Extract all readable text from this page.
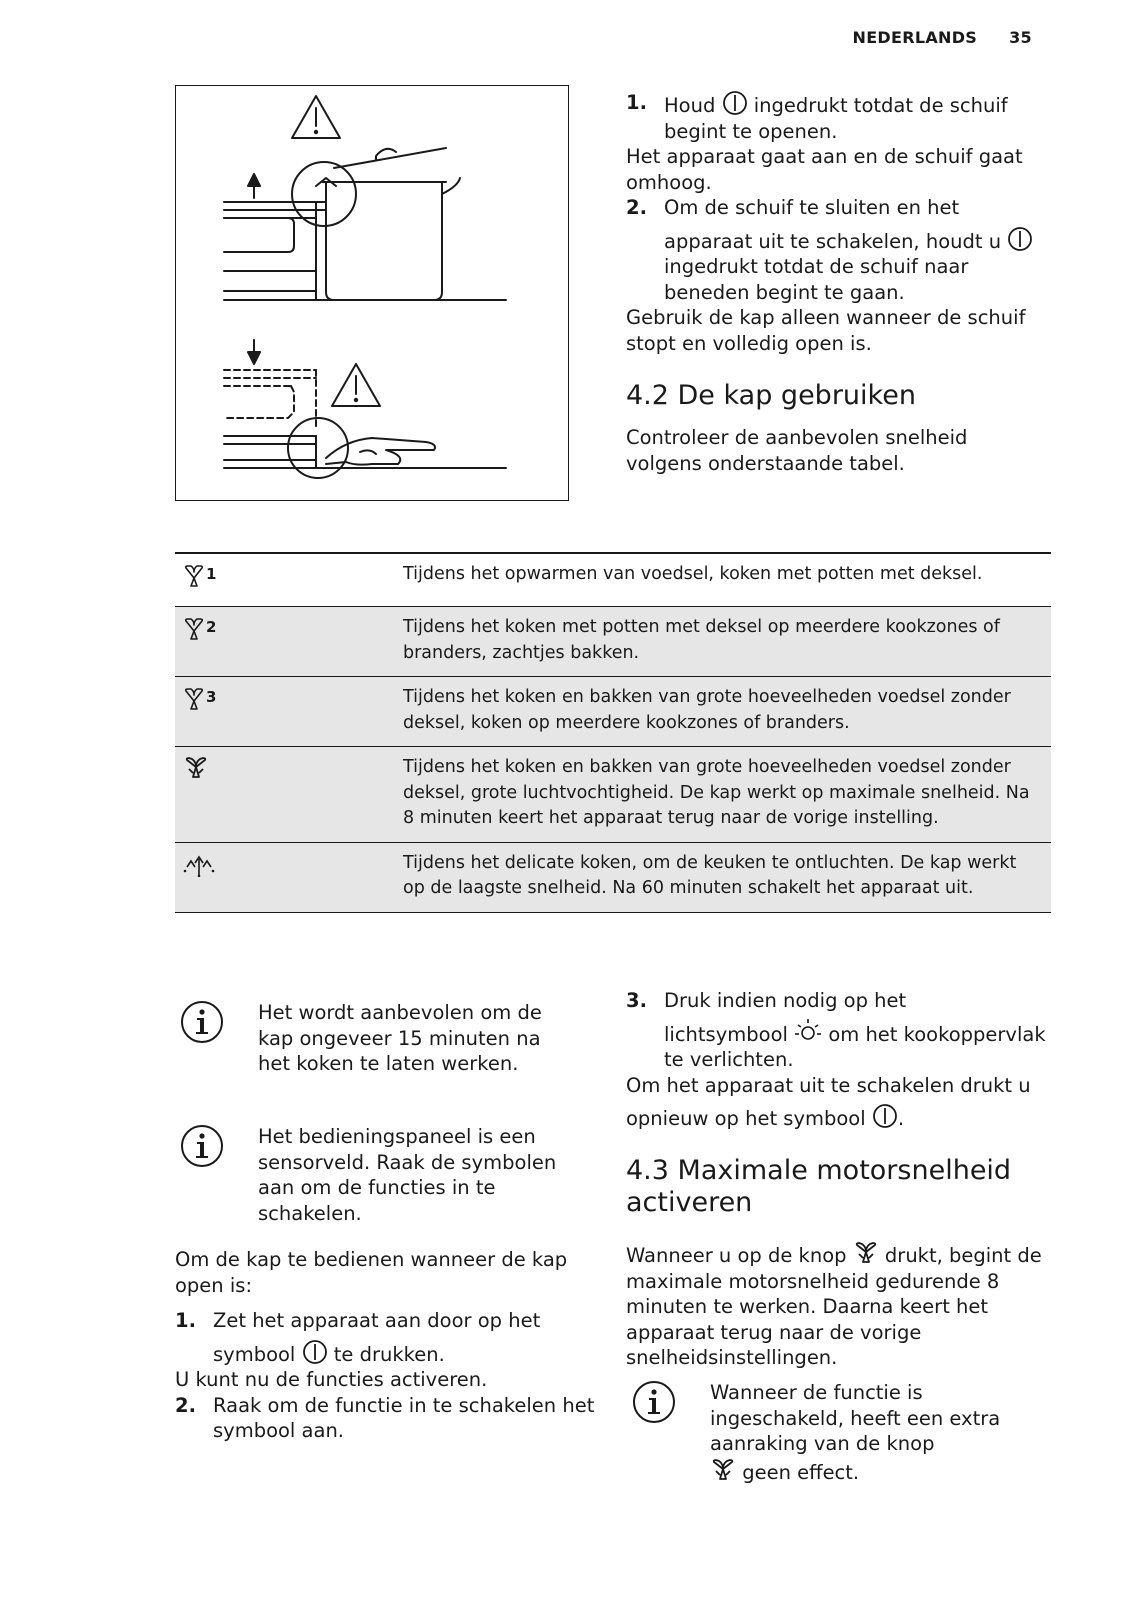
NEDERLANDS 35
1. Houd ingedrukt totdat de schuif begint te openen.
Het apparaat gaat aan en de schuif gaat omhoog.
2. Om de schuif te sluiten en het
apparaat uit te schakelen, houdt u  ingedrukt totdat de schuif naar beneden begint te gaan.
Gebruik de kap alleen wanneer de schuif stopt en volledig open is.
4.2 De kap gebruiken
Controleer de aanbevolen snelheid volgens onderstaande tabel.
1	Tijdens het opwarmen van voedsel, koken met potten met deksel.

2	Tijdens het koken met potten met deksel op meerdere kookzones of branders, zachtjes bakken.

3	Tijdens het koken en bakken van grote hoeveelheden voedsel zonder deksel, koken op meerdere kookzones of branders.
	Tijdens het koken en bakken van grote hoeveelheden voedsel zonder deksel, grote luchtvochtigheid. De kap werkt op maximale snelheid. Na 8 minuten keert het apparaat terug naar de vorige instelling.
	Tijdens het delicate koken, om de keuken te ontluchten. De kap werkt op de laagste snelheid. Na 60 minuten schakelt het apparaat uit.
Het wordt aanbevolen om de kap ongeveer 15 minuten na het koken te laten werken.
Het bedieningspaneel is een sensorveld. Raak de symbolen aan om de functies in te schakelen.
Om de kap te bedienen wanneer de kap open is:
1. Zet het apparaat aan door op het
symbool te drukken.
U kunt nu de functies activeren.
2. Raak om de functie in te schakelen het symbool aan.
3. Druk indien nodig op het
lichtsymbool om het kookoppervlak te verlichten.
Om het apparaat uit te schakelen drukt u
opnieuw op het symbool .
4.3 Maximale motorsnelheid activeren
Wanneer u op de knop drukt, begint de maximale motorsnelheid gedurende 8 minuten te werken. Daarna keert het apparaat terug naar de vorige snelheidsinstellingen.
Wanneer de functie is ingeschakeld, heeft een extra aanraking van de knop
geen effect.
